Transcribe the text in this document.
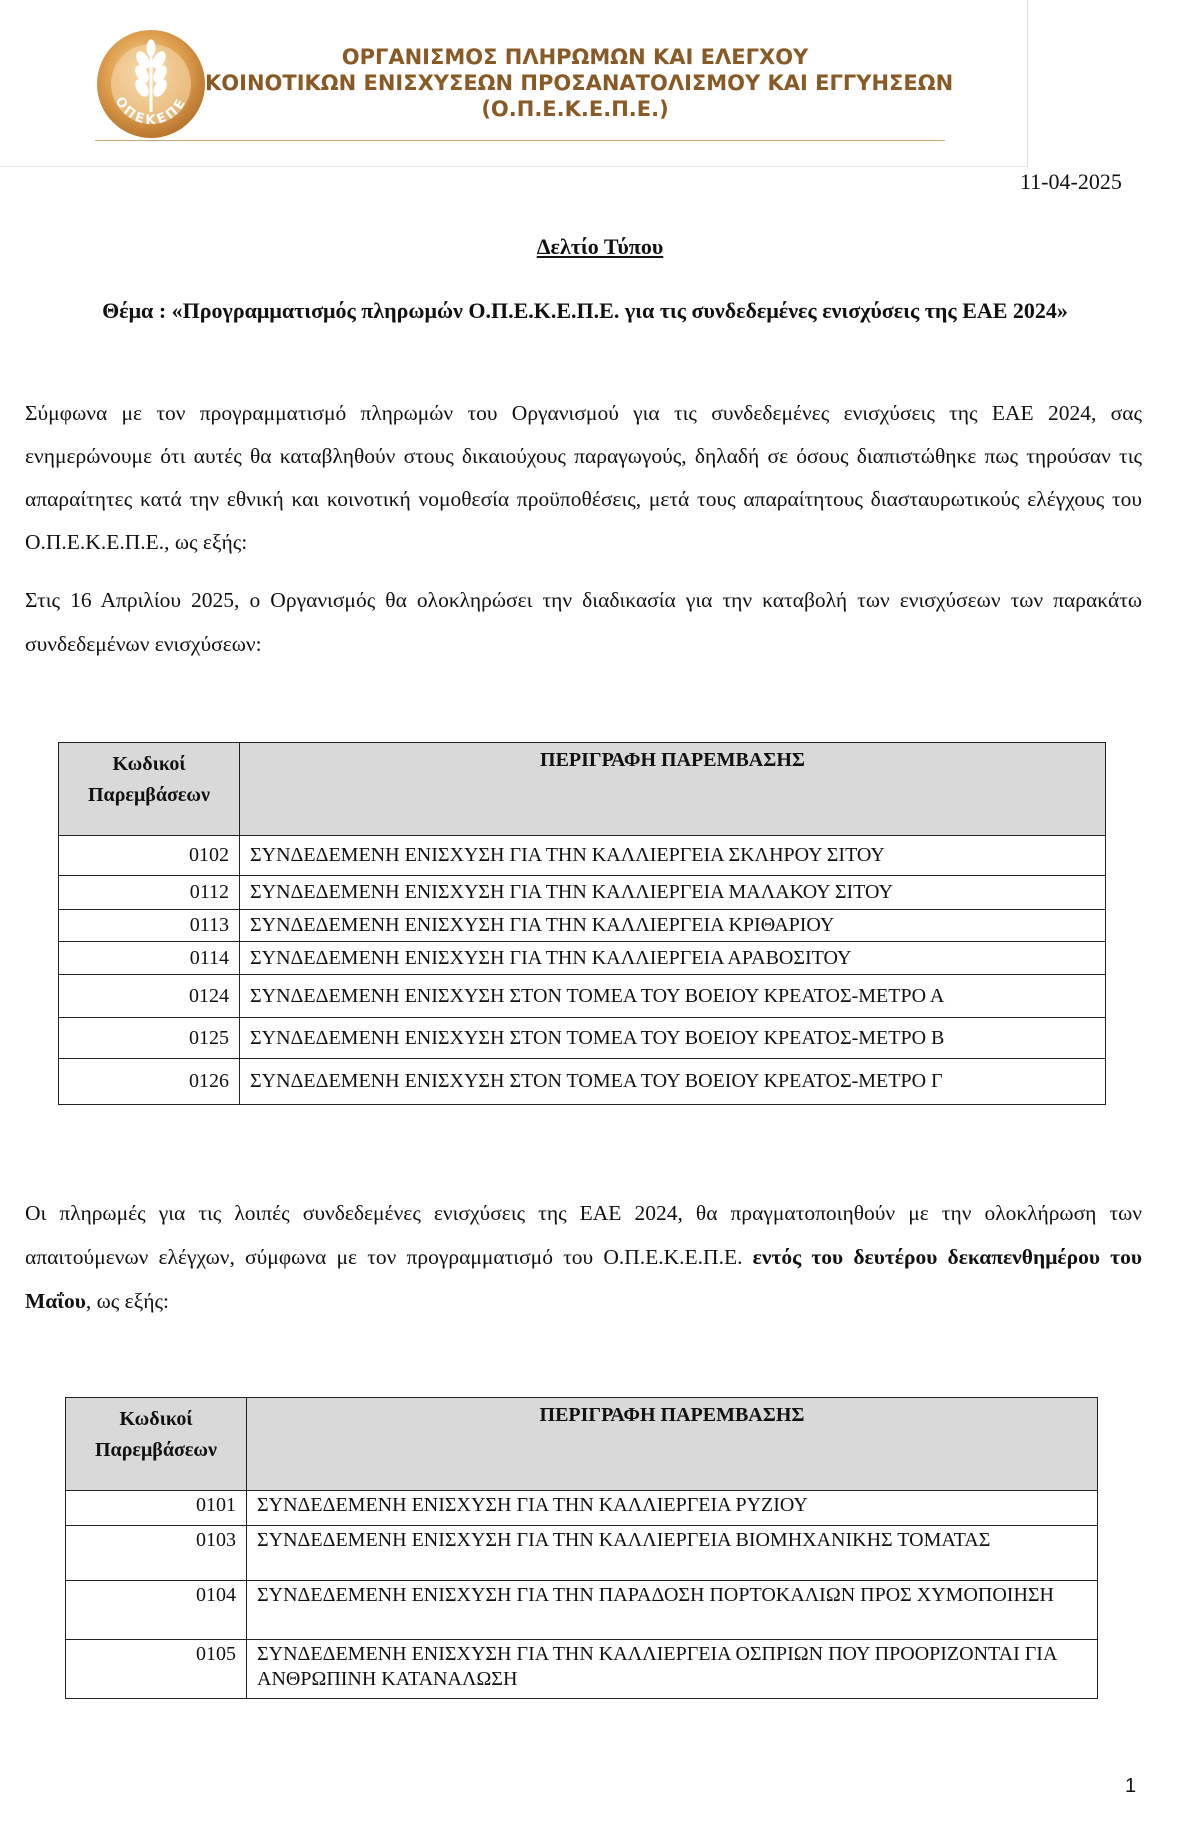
ΟΠΕΚΕΠΕ
ΟΡΓΑΝΙΣΜΟΣ ΠΛΗΡΩΜΩΝ ΚΑΙ ΕΛΕΓΧΟΥ
ΚΟΙΝΟΤΙΚΩΝ ΕΝΙΣΧΥΣΕΩΝ ΠΡΟΣΑΝΑΤΟΛΙΣΜΟΥ ΚΑΙ ΕΓΓΥΗΣΕΩΝ
(Ο.Π.Ε.Κ.Ε.Π.Ε.)
11-04-2025
Δελτίο Τύπου
Θέμα : «Προγραμματισμός πληρωμών Ο.Π.Ε.Κ.Ε.Π.Ε. για τις συνδεδεμένες ενισχύσεις της ΕΑΕ 2024»
Σύμφωνα με τον προγραμματισμό πληρωμών του Οργανισμού για τις συνδεδεμένες ενισχύσεις της ΕΑΕ 2024, σας ενημερώνουμε ότι αυτές θα καταβληθούν στους δικαιούχους παραγωγούς, δηλαδή σε όσους διαπιστώθηκε πως τηρούσαν τις απαραίτητες κατά την εθνική και κοινοτική νομοθεσία προϋποθέσεις, μετά τους απαραίτητους διασταυρωτικούς ελέγχους του Ο.Π.Ε.Κ.Ε.Π.Ε., ως εξής:
Στις 16 Απριλίου 2025, ο Οργανισμός θα ολοκληρώσει την διαδικασία για την καταβολή των ενισχύσεων των παρακάτω συνδεδεμένων ενισχύσεων:
Κωδικοί Παρεμβάσεων	ΠΕΡΙΓΡΑΦΗ ΠΑΡΕΜΒΑΣΗΣ
0102	ΣΥΝΔΕΔΕΜΕΝΗ ΕΝΙΣΧΥΣΗ ΓΙΑ ΤΗΝ ΚΑΛΛΙΕΡΓΕΙΑ ΣΚΛΗΡΟΥ ΣΙΤΟΥ
0112	ΣΥΝΔΕΔΕΜΕΝΗ ΕΝΙΣΧΥΣΗ ΓΙΑ ΤΗΝ ΚΑΛΛΙΕΡΓΕΙΑ ΜΑΛΑΚΟΥ ΣΙΤΟΥ
0113	ΣΥΝΔΕΔΕΜΕΝΗ ΕΝΙΣΧΥΣΗ ΓΙΑ ΤΗΝ ΚΑΛΛΙΕΡΓΕΙΑ ΚΡΙΘΑΡΙΟΥ
0114	ΣΥΝΔΕΔΕΜΕΝΗ ΕΝΙΣΧΥΣΗ ΓΙΑ ΤΗΝ ΚΑΛΛΙΕΡΓΕΙΑ ΑΡΑΒΟΣΙΤΟΥ
0124	ΣΥΝΔΕΔΕΜΕΝΗ ΕΝΙΣΧΥΣΗ ΣΤΟΝ ΤΟΜΕΑ ΤΟΥ ΒΟΕΙΟΥ ΚΡΕΑΤΟΣ-ΜΕΤΡΟ Α
0125	ΣΥΝΔΕΔΕΜΕΝΗ ΕΝΙΣΧΥΣΗ ΣΤΟΝ ΤΟΜΕΑ ΤΟΥ ΒΟΕΙΟΥ ΚΡΕΑΤΟΣ-ΜΕΤΡΟ Β
0126	ΣΥΝΔΕΔΕΜΕΝΗ ΕΝΙΣΧΥΣΗ ΣΤΟΝ ΤΟΜΕΑ ΤΟΥ ΒΟΕΙΟΥ ΚΡΕΑΤΟΣ-ΜΕΤΡΟ Γ
Οι πληρωμές για τις λοιπές συνδεδεμένες ενισχύσεις της ΕΑΕ 2024, θα πραγματοποιηθούν με την ολοκλήρωση των απαιτούμενων ελέγχων, σύμφωνα με τον προγραμματισμό του Ο.Π.Ε.Κ.Ε.Π.Ε. εντός του δευτέρου δεκαπενθημέρου του Μαΐου, ως εξής:
Κωδικοί Παρεμβάσεων	ΠΕΡΙΓΡΑΦΗ ΠΑΡΕΜΒΑΣΗΣ
0101	ΣΥΝΔΕΔΕΜΕΝΗ ΕΝΙΣΧΥΣΗ ΓΙΑ ΤΗΝ ΚΑΛΛΙΕΡΓΕΙΑ ΡΥΖΙΟΥ
0103	ΣΥΝΔΕΔΕΜΕΝΗ ΕΝΙΣΧΥΣΗ ΓΙΑ ΤΗΝ ΚΑΛΛΙΕΡΓΕΙΑ ΒΙΟΜΗΧΑΝΙΚΗΣ ΤΟΜΑΤΑΣ
0104	ΣΥΝΔΕΔΕΜΕΝΗ ΕΝΙΣΧΥΣΗ ΓΙΑ ΤΗΝ ΠΑΡΑΔΟΣΗ ΠΟΡΤΟΚΑΛΙΩΝ ΠΡΟΣ ΧΥΜΟΠΟΙΗΣΗ
0105	ΣΥΝΔΕΔΕΜΕΝΗ ΕΝΙΣΧΥΣΗ ΓΙΑ ΤΗΝ ΚΑΛΛΙΕΡΓΕΙΑ ΟΣΠΡΙΩΝ ΠΟΥ ΠΡΟΟΡΙΖΟΝΤΑΙ ΓΙΑ ΑΝΘΡΩΠΙΝΗ ΚΑΤΑΝΑΛΩΣΗ
1
